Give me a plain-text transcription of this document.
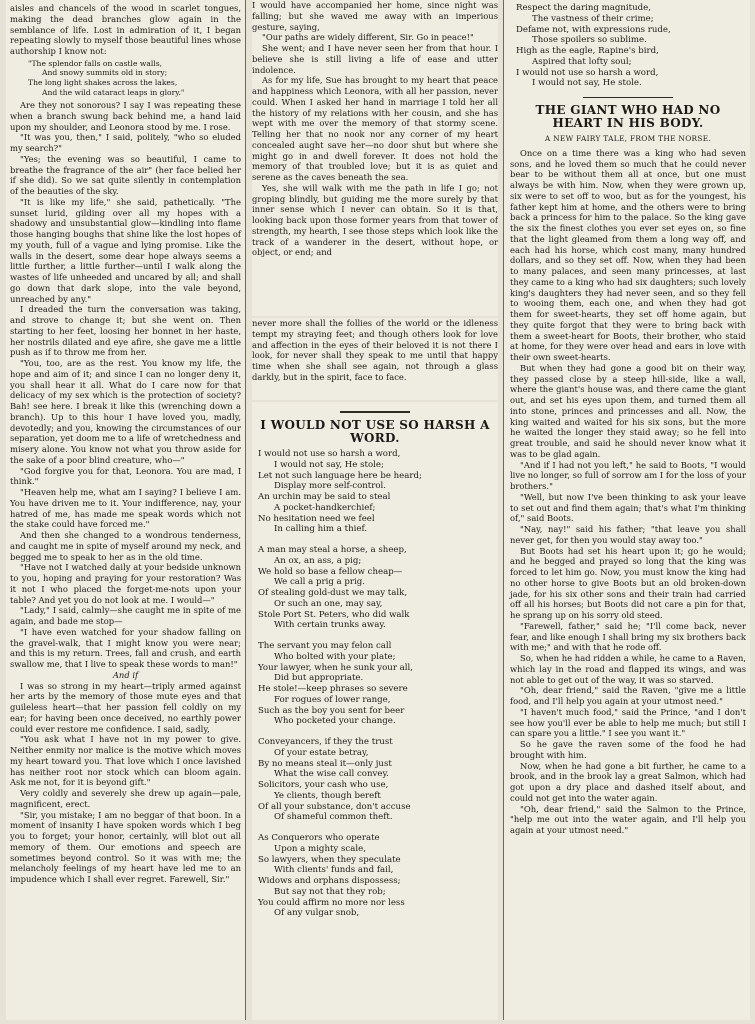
aisles and chancels of the wood in scarlet tongues, making the dead branches glow again in the semblance of life. Lost in admiration of it, I began repeating slowly to myself those beautiful lines whose authorship I know not:

"The splendor falls on castle walls,
And snowy summits old in story;
The long light shakes across the lakes,
And the wild cataract leaps in glory."

Are they not sonorous? I say I was repeating these when a branch swung back behind me, a hand laid upon my shoulder, and Leonora stood by me. I rose.

"It was you, then," I said, politely, "who so eluded my search?"

"Yes; the evening was so beautiful, I came to breathe the fragrance of the air" (her face belied her if she did). So we sat quite silently in contemplation of the beauties of the sky.

"It is like my life," she said, pathetically. "The sunset lurid, gilding over all my hopes with a shadowy and unsubstantial glow—kindling into flame those hanging boughs that shine like the lost hopes of my youth, full of a vague and lying promise. Like the walls in the desert, some dear hope always seems a little further, a little further—until I walk along the wastes of life unheeded and uncared by all; and shall go down that dark slope, into the vale beyond, unreached by any."

I dreaded the turn the conversation was taking, and strove to change it; but she went on. Then starting to her feet, loosing her bonnet in her haste, her nostrils dilated and eye afire, she gave me a little push as if to throw me from her.

"You, too, are as the rest. You know my life, the hope and aim of it; and since I can no longer deny it, you shall hear it all. What do I care now for that delicacy of my sex which is the protection of society? Bah! see here. I break it like this (wrenching down a branch). Up to this hour I have loved you, madly, devotedly; and you, knowing the circumstances of our separation, yet doom me to a life of wretchedness and misery alone. You know not what you throw aside for the sake of a poor blind creature, who—"

"God forgive you for that, Leonora. You are mad, I think."

"Heaven help me, what am I saying? I believe I am. You have driven me to it. Your indifference, nay, your hatred of me, has made me speak words which not the stake could have forced me."

And then she changed to a wondrous tenderness, and caught me in spite of myself around my neck, and begged me to speak to her as in the old time.

"Have not I watched daily at your bedside unknown to you, hoping and praying for your restoration? Was it not I who placed the forget-me-nots upon your table? And yet you do not look at me. I would—"

"Lady," I said, calmly—she caught me in spite of me again, and bade me stop—

"I have even watched for your shadow falling on the gravel-walk, that I might know you were near; and this is my return. Trees, fall and crush, and earth swallow me, that I live to speak these words to man!"

And if

I was so strong in my heart—triply armed against her arts by the memory of those mute eyes and that guileless heart—that her passion fell coldly on my ear; for having been once deceived, no earthly power could ever restore me confidence. I said, sadly,

"You ask what I have not in my power to give. Neither enmity nor malice is the motive which moves my heart toward you. That love which I once lavished has neither root nor stock which can bloom again. Ask me not, for it is beyond gift."

Very coldly and severely she drew up again—pale, magnificent, erect.

"Sir, you mistake; I am no beggar of that boon. In a moment of insanity I have spoken words which I beg you to forget; your honor, certainly, will blot out all memory of them. Our emotions and speech are sometimes beyond control. So it was with me; the melancholy feelings of my heart have led me to an impudence which I shall ever regret. Farewell, Sir."

I would have accompanied her home, since night was falling; but she waved me away with an imperious gesture, saying,

"Our paths are widely different, Sir. Go in peace!"

She went; and I have never seen her from that hour. I believe she is still living a life of ease and utter indolence.

As for my life, Sue has brought to my heart that peace and happiness which Leonora, with all her passion, never could. When I asked her hand in marriage I told her all the history of my relations with her cousin, and she has wept with me over the memory of that stormy scene. Telling her that no nook nor any corner of my heart concealed aught save her—no door shut but where she might go in and dwell forever. It does not hold the memory of that troubled love; but it is as quiet and serene as the caves beneath the sea.

Yes, she will walk with me the path in life I go; not groping blindly, but guiding me the more surely by that inner sense which I never can obtain. So it is that, looking back upon those former years from that tower of strength, my hearth, I see those steps which look like the track of a wanderer in the desert, without hope, or object, or end; and

never more shall the follies of the world or the idleness tempt my straying feet; and though others look for love and affection in the eyes of their beloved it is not there I look, for never shall they speak to me until that happy time when she shall see again, not through a glass darkly, but in the spirit, face to face.

I WOULD NOT USE SO HARSH A WORD.
I would not use so harsh a word,
I would not say, He stole;
Let not such language here be heard;
Display more self-control.
An urchin may be said to steal
A pocket-handkerchief;
No hesitation need we feel
In calling him a thief.
A man may steal a horse, a sheep,
An ox, an ass, a pig;
We hold so base a fellow cheap—
We call a prig a prig.
Of stealing gold-dust we may talk,
Or such an one, may say,
Stole Port St. Peters, who did walk
With certain trunks away.
The servant you may felon call
Who bolted with your plate;
Your lawyer, when he sunk your all,
Did but appropriate.
He stole!—keep phrases so severe
For rogues of lower range,
Such as the boy you sent for beer
Who pocketed your change.
Conveyancers, if they the trust
Of your estate betray,
By no means steal it—only just
What the wise call convey.
Solicitors, your cash who use,
Ye clients, though bereft
Of all your substance, don't accuse
Of shameful common theft.
As Conquerors who operate
Upon a mighty scale,
So lawyers, when they speculate
With clients' funds and fail,
Widows and orphans dispossess;
But say not that they rob;
You could affirm no more nor less
Of any vulgar snob,
Respect the daring magnitude,
The vastness of their crime;
Defame not, with expressions rude,
Those spoilers so sublime.
High as the eagle, Rapine's bird,
Aspired that lofty soul;
I would not use so harsh a word,
I would not say, He stole.
THE GIANT WHO HAD NO HEART IN HIS BODY.
A NEW FAIRY TALE, FROM THE NORSE.

Once on a time there was a king who had seven sons, and he loved them so much that he could never bear to be without them all at once, but one must always be with him. Now, when they were grown up, six were to set off to woo, but as for the youngest, his father kept him at home, and the others were to bring back a princess for him to the palace. So the king gave the six the finest clothes you ever set eyes on, so fine that the light gleamed from them a long way off, and each had his horse, which cost many, many hundred dollars, and so they set off. Now, when they had been to many palaces, and seen many princesses, at last they came to a king who had six daughters; such lovely king's daughters they had never seen, and so they fell to wooing them, each one, and when they had got them for sweet-hearts, they set off home again, but they quite forgot that they were to bring back with them a sweet-heart for Boots, their brother, who staid at home, for they were over head and ears in love with their own sweet-hearts.

But when they had gone a good bit on their way, they passed close by a steep hill-side, like a wall, where the giant's house was, and there came the giant out, and set his eyes upon them, and turned them all into stone, princes and princesses and all. Now, the king waited and waited for his six sons, but the more he waited the longer they staid away; so he fell into great trouble, and said he should never know what it was to be glad again.

"And if I had not you left," he said to Boots, "I would live no longer, so full of sorrow am I for the loss of your brothers."

"Well, but now I've been thinking to ask your leave to set out and find them again; that's what I'm thinking of," said Boots.

"Nay, nay!" said his father; "that leave you shall never get, for then you would stay away too."

But Boots had set his heart upon it; go he would; and he begged and prayed so long that the king was forced to let him go. Now, you must know the king had no other horse to give Boots but an old broken-down jade, for his six other sons and their train had carried off all his horses; but Boots did not care a pin for that, he sprang up on his sorry old steed.

"Farewell, father," said he; "I'll come back, never fear, and like enough I shall bring my six brothers back with me;" and with that he rode off.

So, when he had ridden a while, he came to a Raven, which lay in the road and flapped its wings, and was not able to get out of the way, it was so starved.

"Oh, dear friend," said the Raven, "give me a little food, and I'll help you again at your utmost need."

"I haven't much food," said the Prince, "and I don't see how you'll ever be able to help me much; but still I can spare you a little." I see you want it."

So he gave the raven some of the food he had brought with him.

Now, when he had gone a bit further, he came to a brook, and in the brook lay a great Salmon, which had got upon a dry place and dashed itself about, and could not get into the water again.

"Oh, dear friend," said the Salmon to the Prince, "help me out into the water again, and I'll help you again at your utmost need."
